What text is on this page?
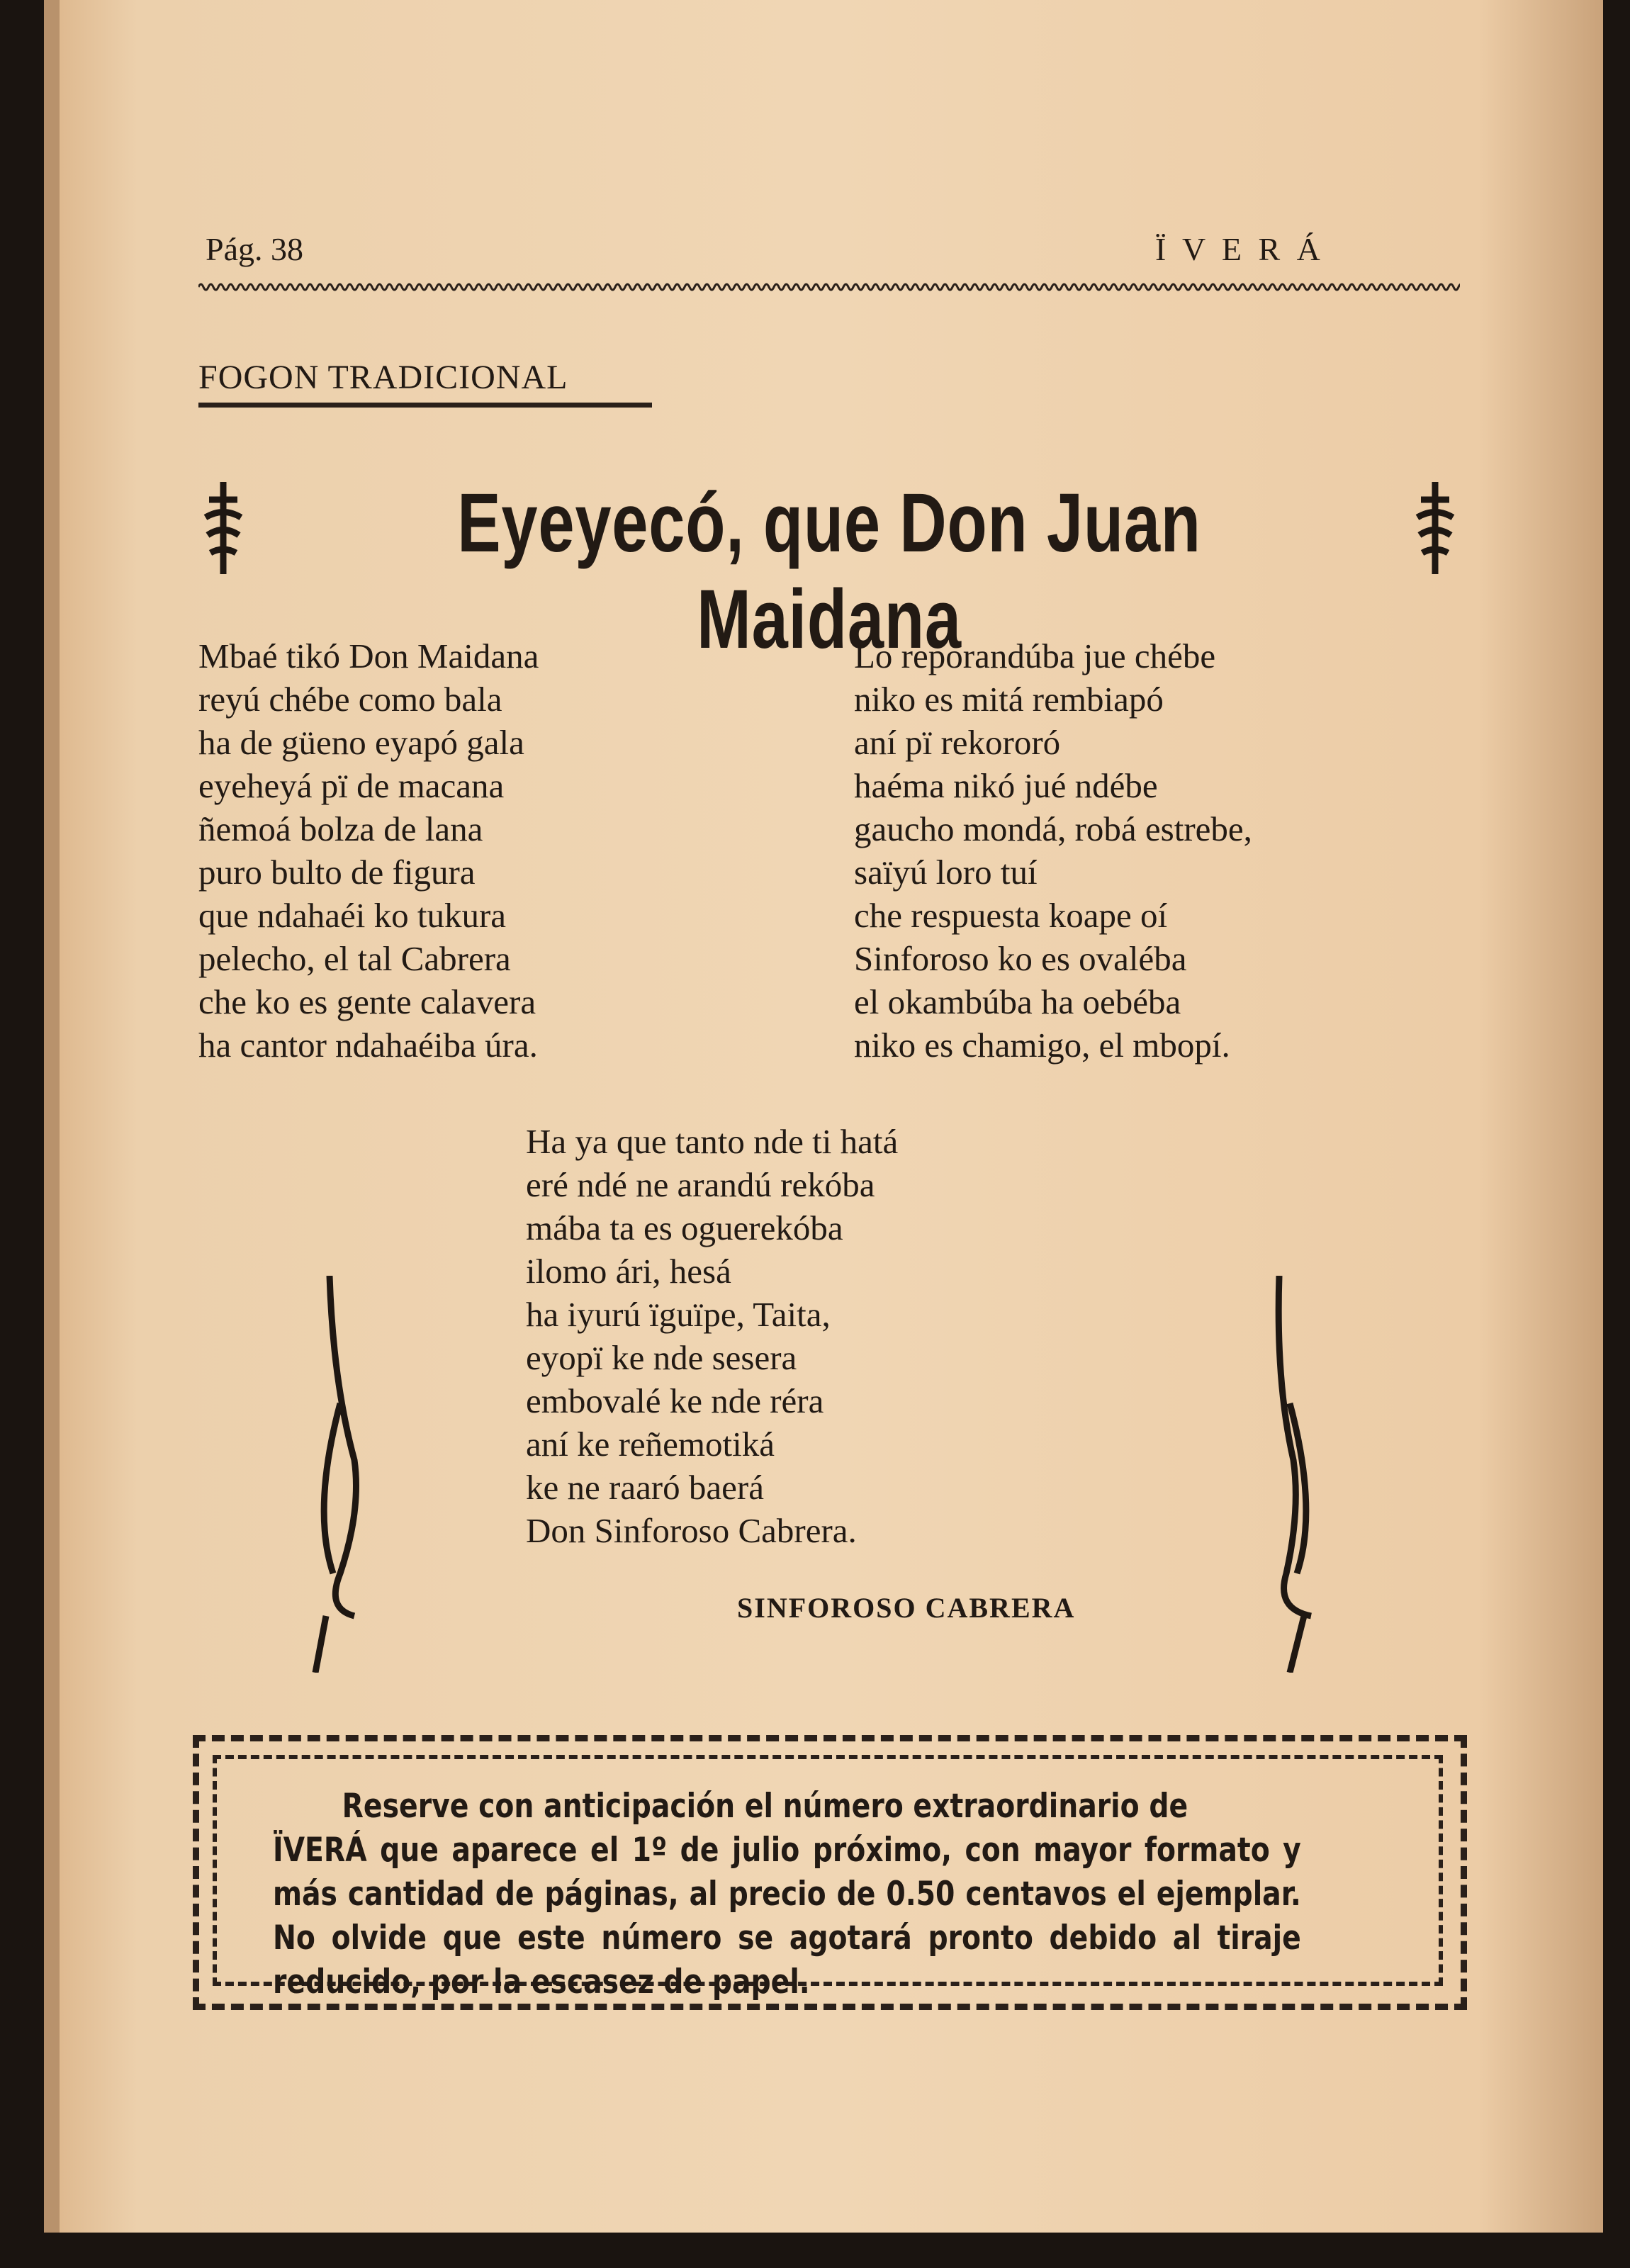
Pág. 38	Ï V E R Á
FOGON TRADICIONAL
Eyeyecó, que Don Juan Maidana
Mbaé tikó Don Maidana
reyú chébe como bala
ha de güeno eyapó gala
eyeheyá pï de macana
ñemoá bolza de lana
puro bulto de figura
que ndahaéi ko tukura
pelecho, el tal Cabrera
che ko es gente calavera
ha cantor ndahaéiba úra.
Lo reporandúba jue chébe
niko es mitá rembiapó
aní pï rekororó
haéma nikó jué ndébe
gaucho mondá, robá estrebe,
saïyú loro tuí
che respuesta koape oí
Sinforoso ko es ovaléba
el okambúba ha oebéba
niko es chamigo, el mbopí.
Ha ya que tanto nde ti hatá
eré ndé ne arandú rekóba
mába ta es oguerekóba
ilomo ári, hesá
ha iyurú ïguïpe, Taita,
eyopï ke nde sesera
embovalé ke nde réra
aní ke reñemotiká
ke ne raaró baerá
Don Sinforoso Cabrera.
SINFOROSO CABRERA
Reserve con anticipación el número extraordinario de
ÏVERÁ que aparece el 1º de julio próximo, con mayor formato y más cantidad de páginas, al precio de 0.50 centavos el ejemplar. No olvide que este número se agotará pronto debido al tiraje reducido, por la escasez de papel.
